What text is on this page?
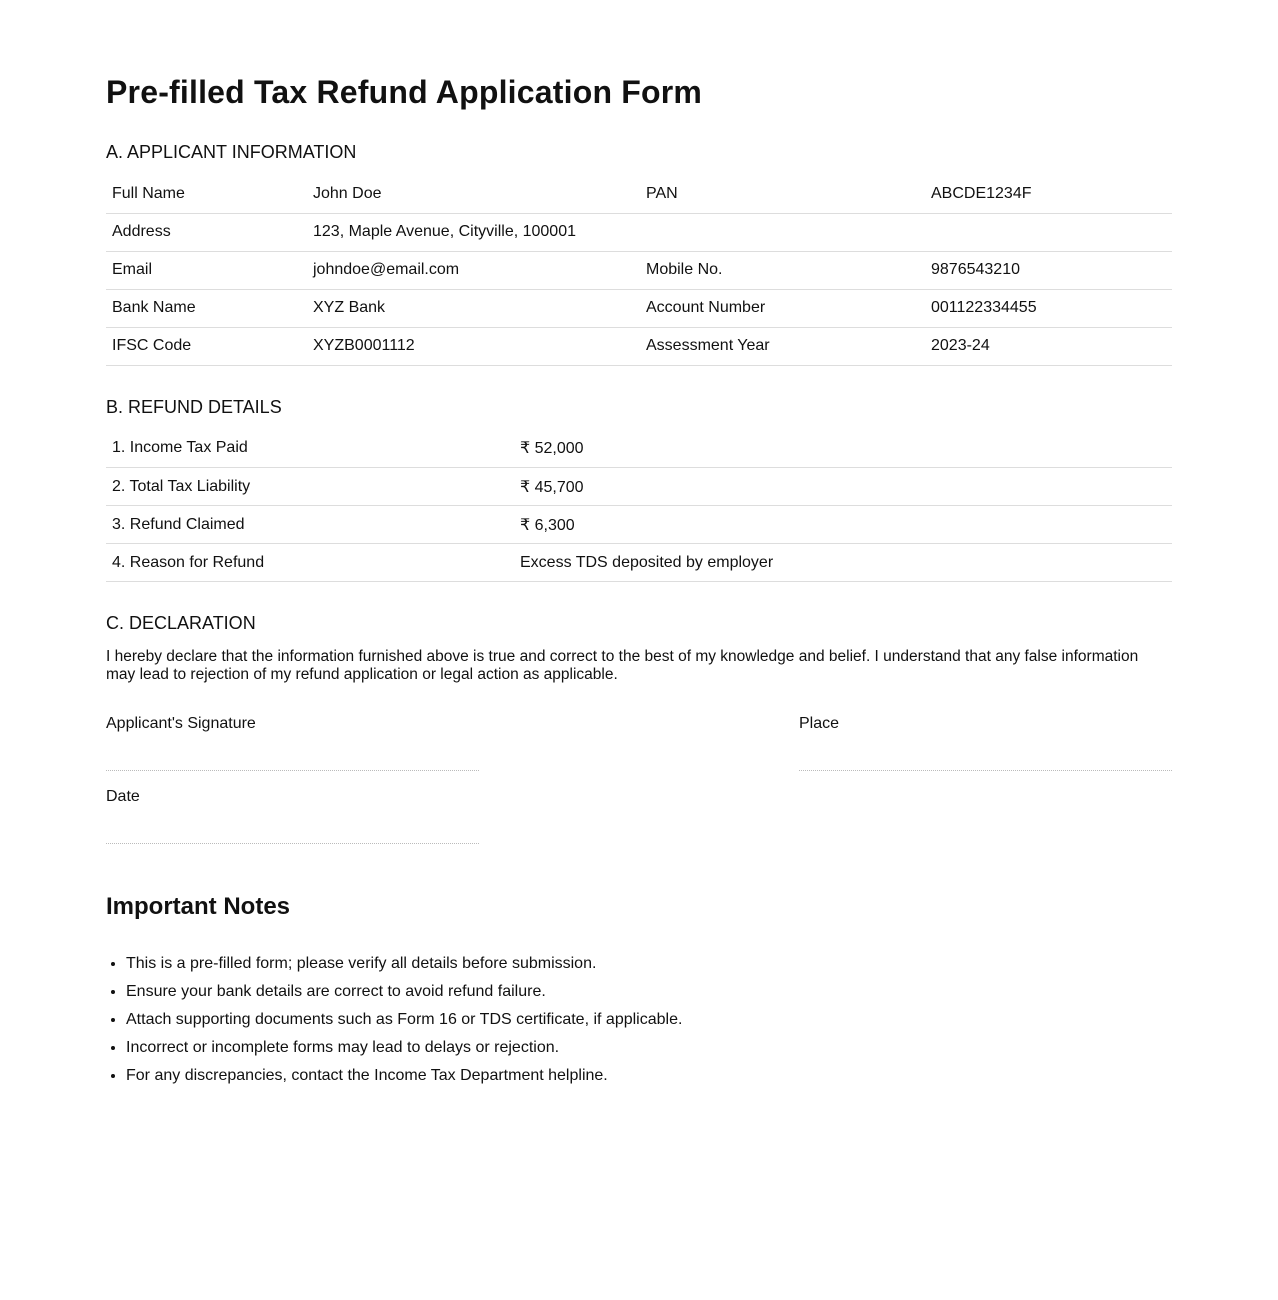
Pre-filled Tax Refund Application Form
A. APPLICANT INFORMATION
Full Name	John Doe	PAN	ABCDE1234F
Address	123, Maple Avenue, Cityville, 100001		
Email	johndoe@email.com	Mobile No.	9876543210
Bank Name	XYZ Bank	Account Number	001122334455
IFSC Code	XYZB0001112	Assessment Year	2023-24
B. REFUND DETAILS
1. Income Tax Paid	₹ 52,000
2. Total Tax Liability	₹ 45,700
3. Refund Claimed	₹ 6,300
4. Reason for Refund	Excess TDS deposited by employer
C. DECLARATION
I hereby declare that the information furnished above is true and correct to the best of my knowledge and belief. I understand that any false information may lead to rejection of my refund application or legal action as applicable.
Applicant's Signature	Place
Date
Important Notes
• This is a pre-filled form; please verify all details before submission.
• Ensure your bank details are correct to avoid refund failure.
• Attach supporting documents such as Form 16 or TDS certificate, if applicable.
• Incorrect or incomplete forms may lead to delays or rejection.
• For any discrepancies, contact the Income Tax Department helpline.
